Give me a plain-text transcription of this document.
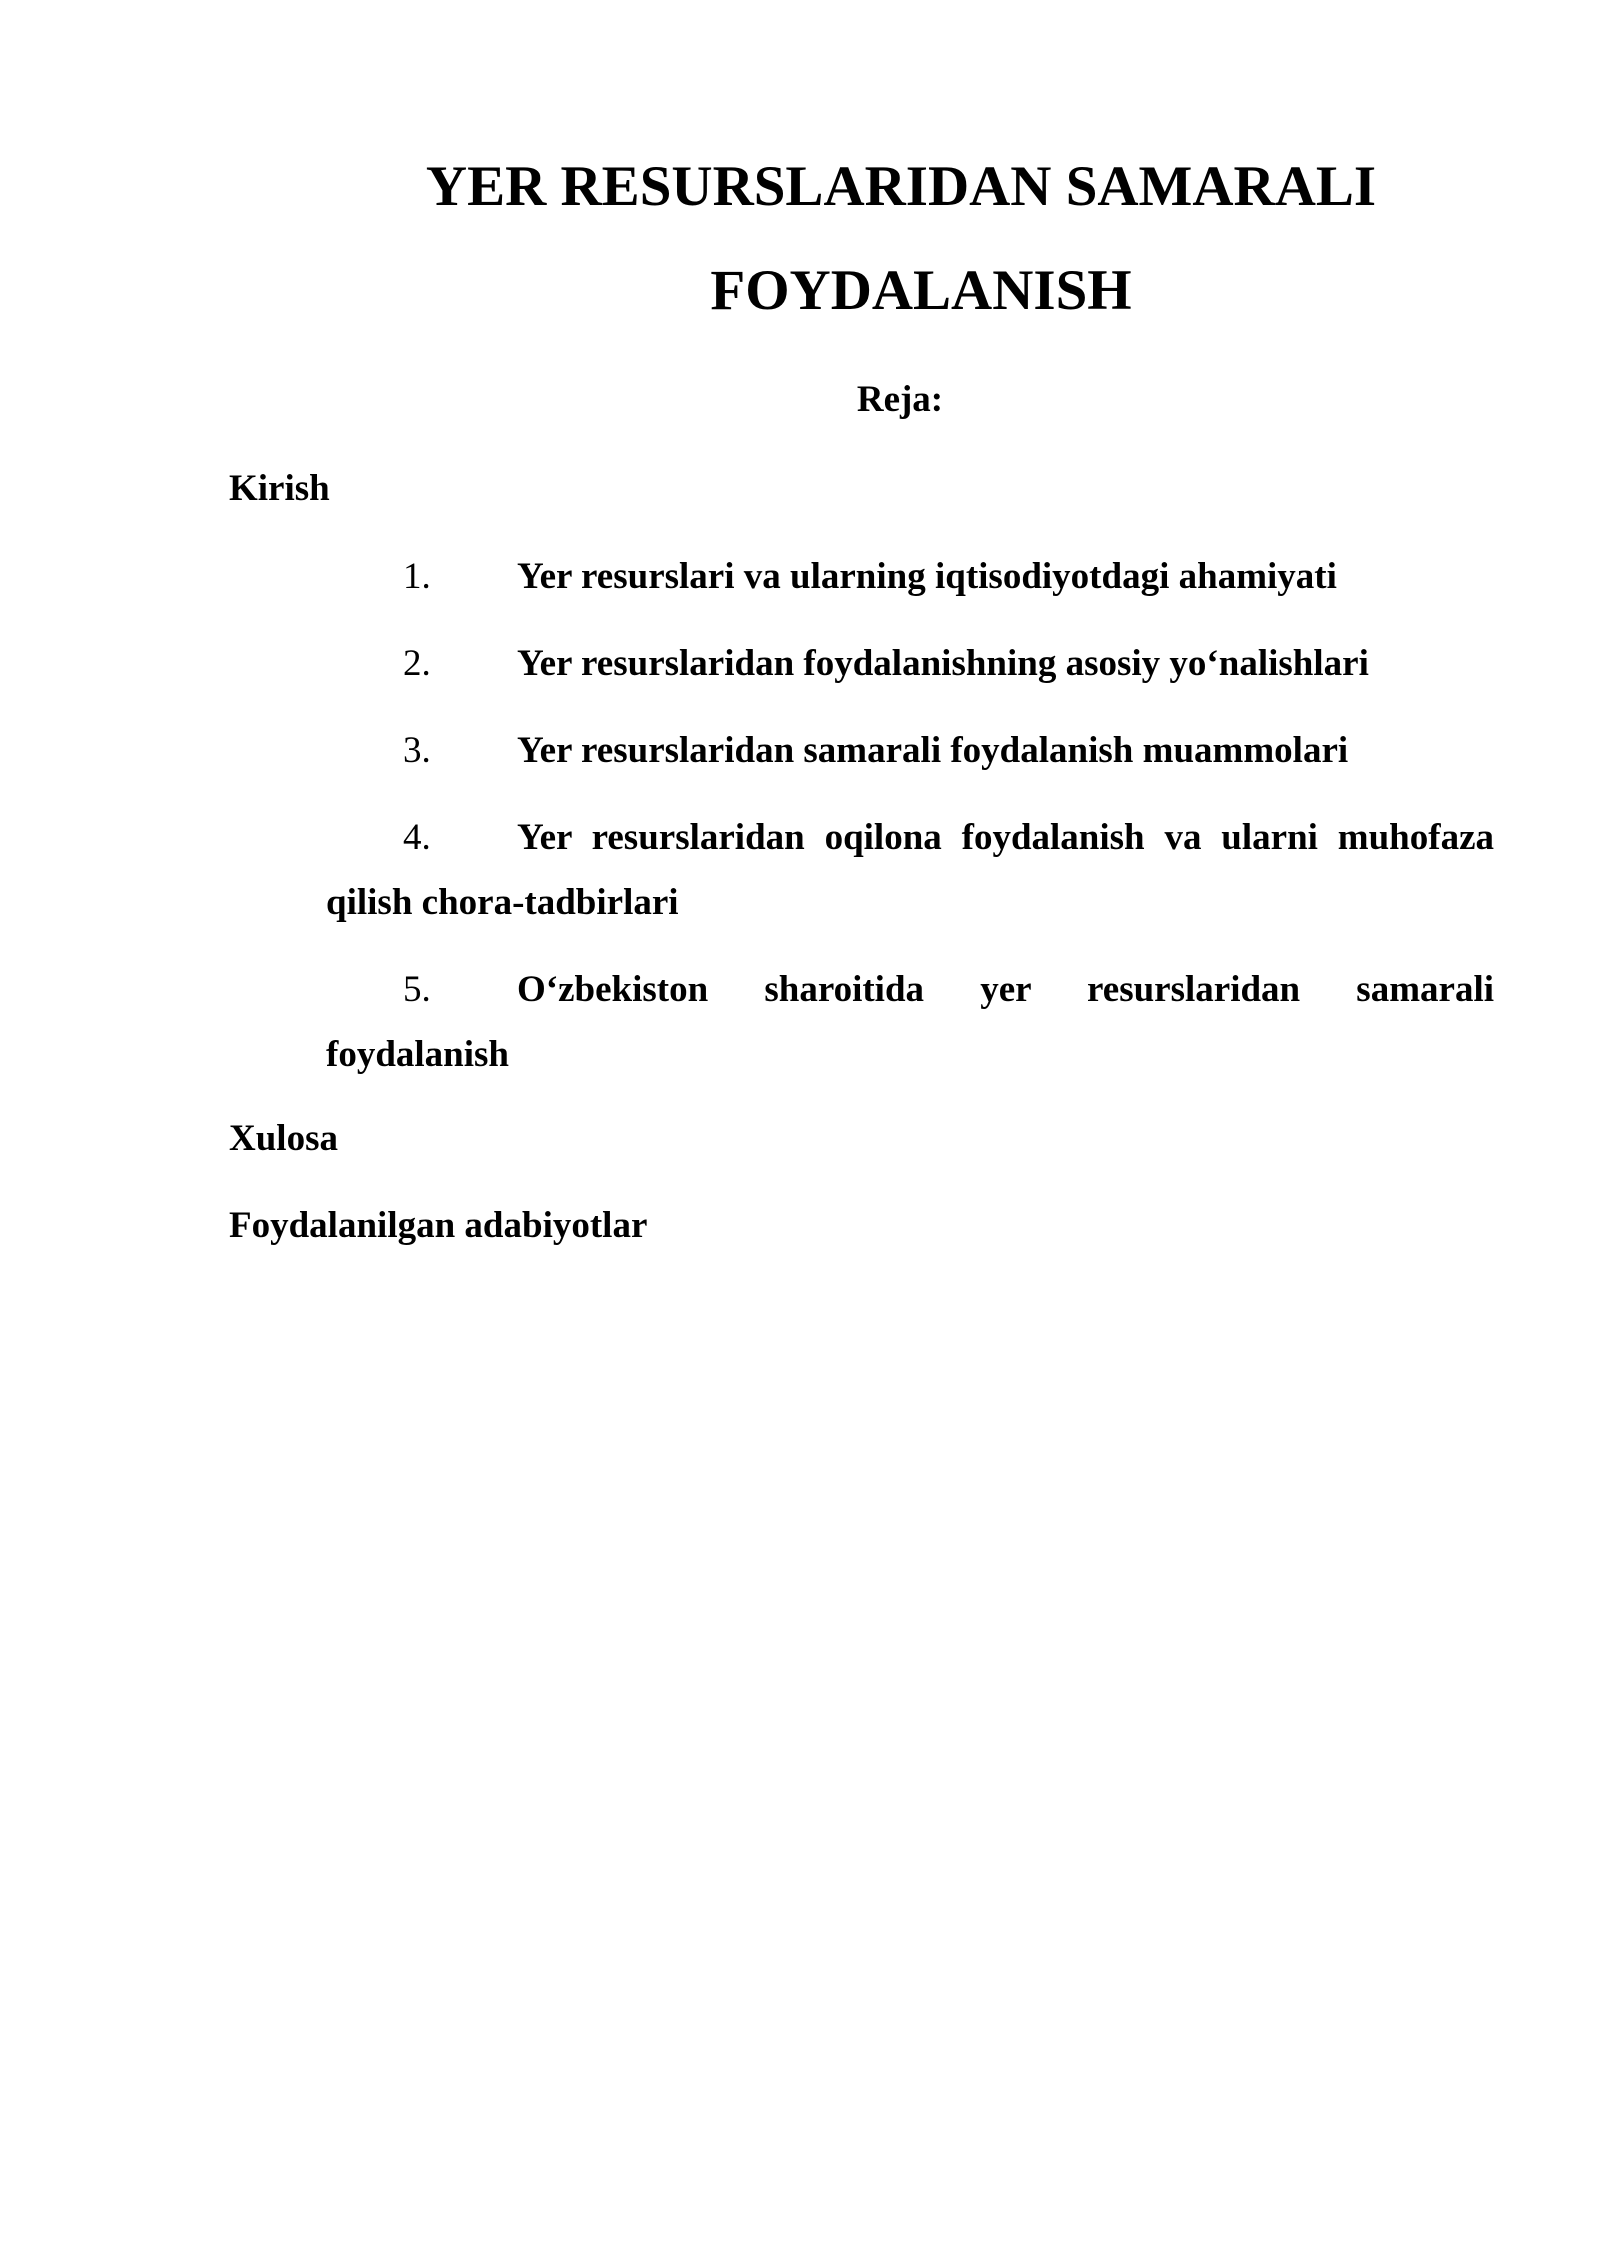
YER RESURSLARIDAN SAMARALI
FOYDALANISH
Reja:
Kirish
1.	Yer resurslari va ularning iqtisodiyotdagi ahamiyati
2.	Yer resurslaridan foydalanishning asosiy yo‘nalishlari
3.	Yer resurslaridan samarali foydalanish muammolari
4.	Yer resurslaridan oqilona foydalanish va ularni muhofaza qilish chora-tadbirlari
5.	O‘zbekiston sharoitida yer resurslaridan samarali foydalanish
Xulosa
Foydalanilgan adabiyotlar
